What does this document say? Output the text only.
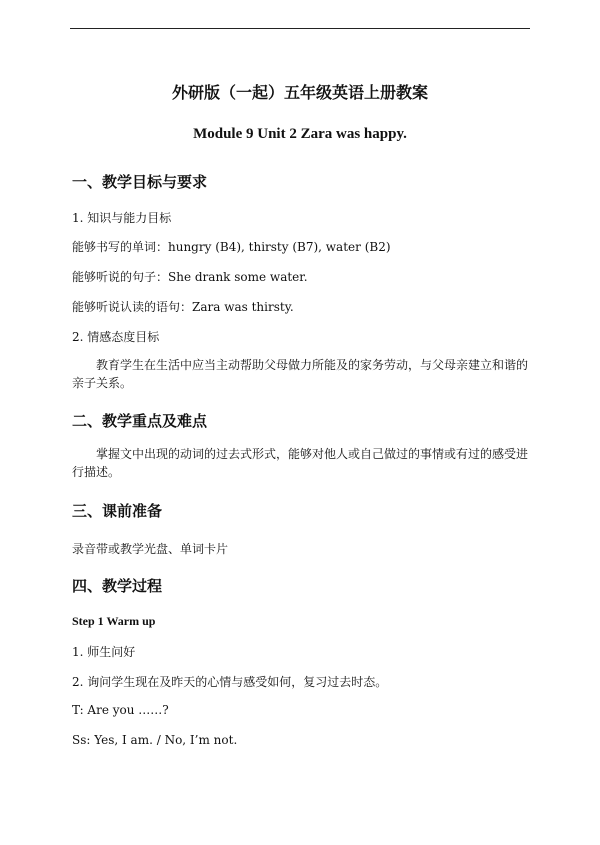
外研版（一起）五年级英语上册教案
Module 9 Unit 2 Zara was happy.
一、教学目标与要求
1. 知识与能力目标
能够书写的单词：hungry (B4), thirsty (B7), water (B2)
能够听说的句子：She drank some water.
能够听说认读的语句：Zara was thirsty.
2. 情感态度目标
教育学生在生活中应当主动帮助父母做力所能及的家务劳动，与父母亲建立和谐的亲子关系。
二、教学重点及难点
掌握文中出现的动词的过去式形式，能够对他人或自己做过的事情或有过的感受进行描述。
三、课前准备
录音带或教学光盘、单词卡片
四、教学过程
Step 1 Warm up
1. 师生问好
2. 询问学生现在及昨天的心情与感受如何，复习过去时态。
T: Are you ……?
Ss: Yes, I am. / No, I’m not.
